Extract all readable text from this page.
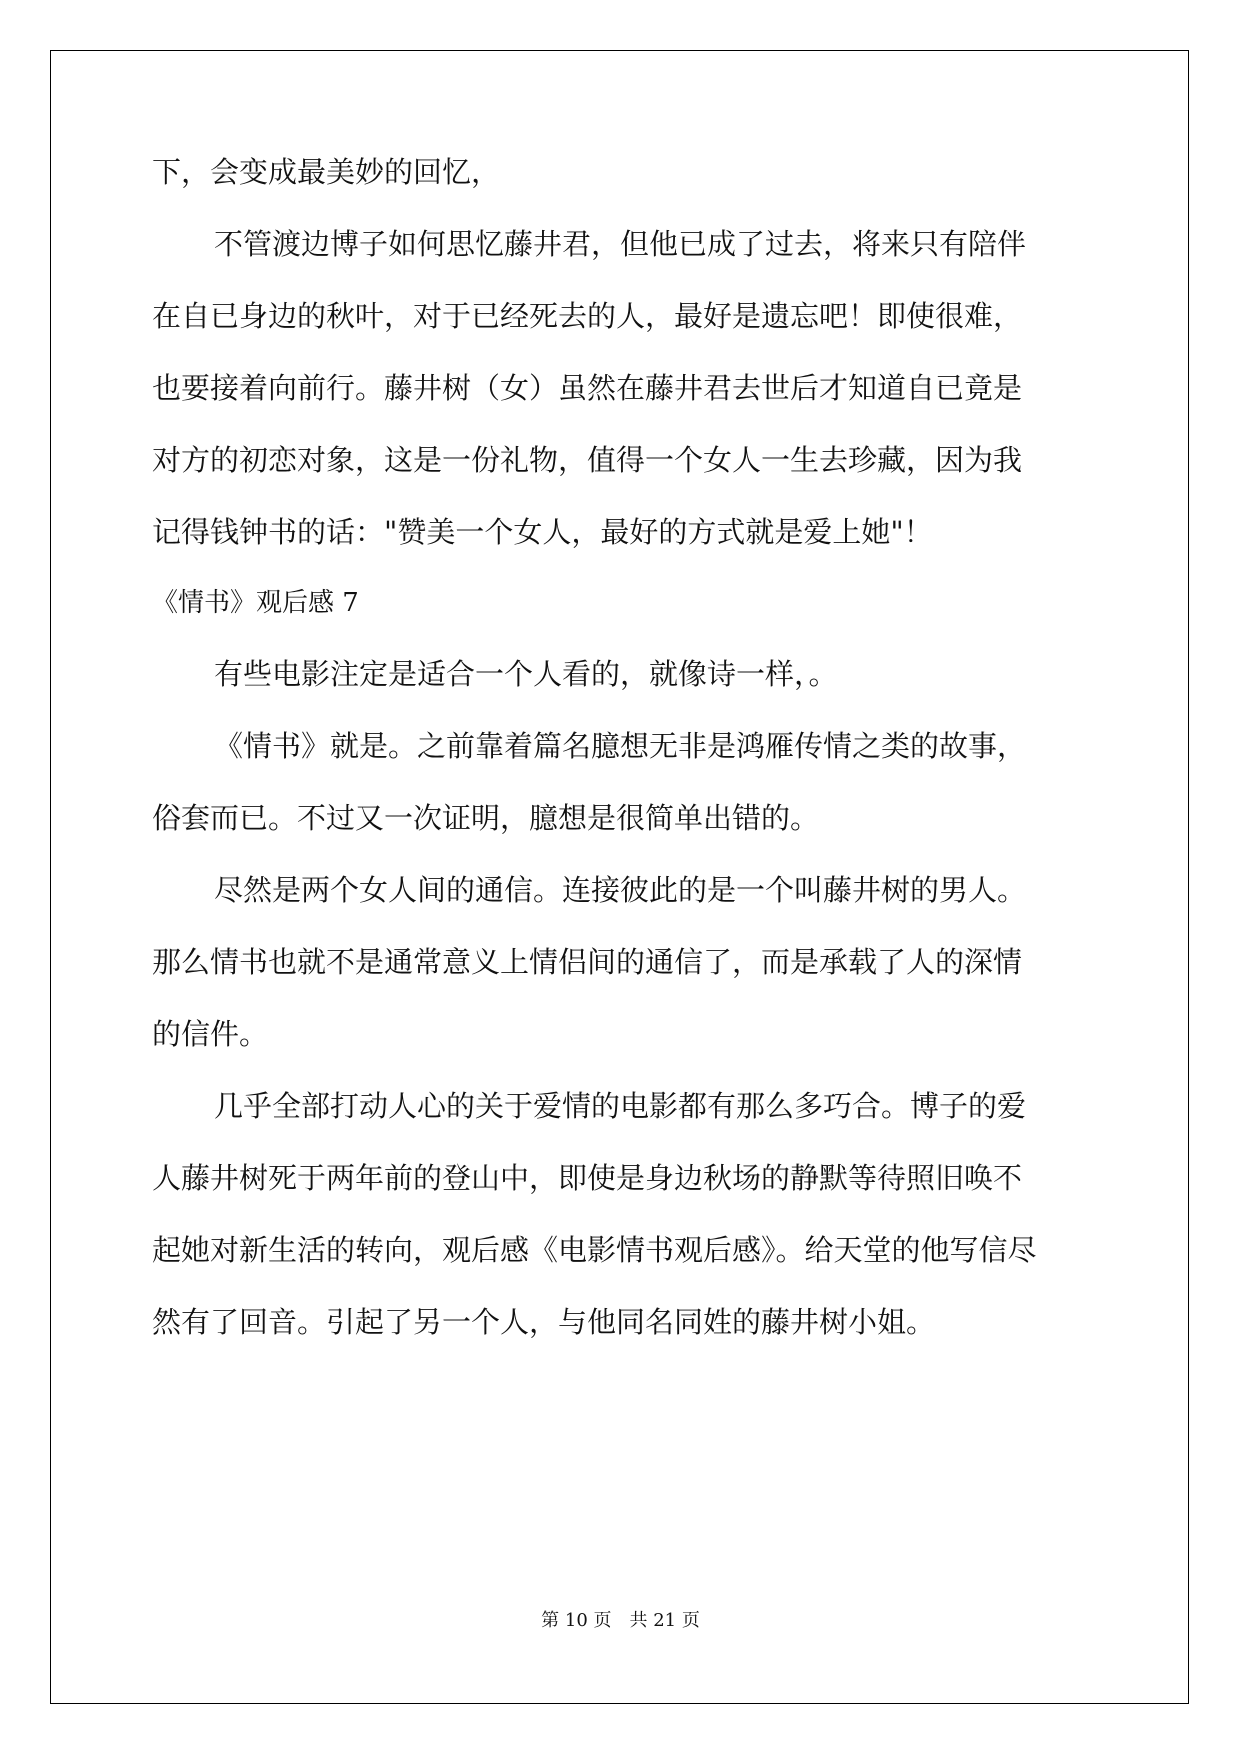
下，会变成最美妙的回忆，
不管渡边博子如何思忆藤井君，但他已成了过去，将来只有陪伴
在自已身边的秋叶，对于已经死去的人，最好是遗忘吧！即使很难，
也要接着向前行。藤井树（女）虽然在藤井君去世后才知道自已竟是
对方的初恋对象，这是一份礼物，值得一个女人一生去珍藏，因为我
记得钱钟书的话："赞美一个女人，最好的方式就是爱上她"！
《情书》观后感 7
有些电影注定是适合一个人看的，就像诗一样，。
《情书》就是。之前靠着篇名臆想无非是鸿雁传情之类的故事，
俗套而已。不过又一次证明，臆想是很简单出错的。
尽然是两个女人间的通信。连接彼此的是一个叫藤井树的男人。
那么情书也就不是通常意义上情侣间的通信了，而是承载了人的深情
的信件。
几乎全部打动人心的关于爱情的电影都有那么多巧合。博子的爱
人藤井树死于两年前的登山中，即使是身边秋场的静默等待照旧唤不
起她对新生活的转向，观后感《电影情书观后感》。给天堂的他写信尽
然有了回音。引起了另一个人，与他同名同姓的藤井树小姐。
第 10 页　共 21 页
